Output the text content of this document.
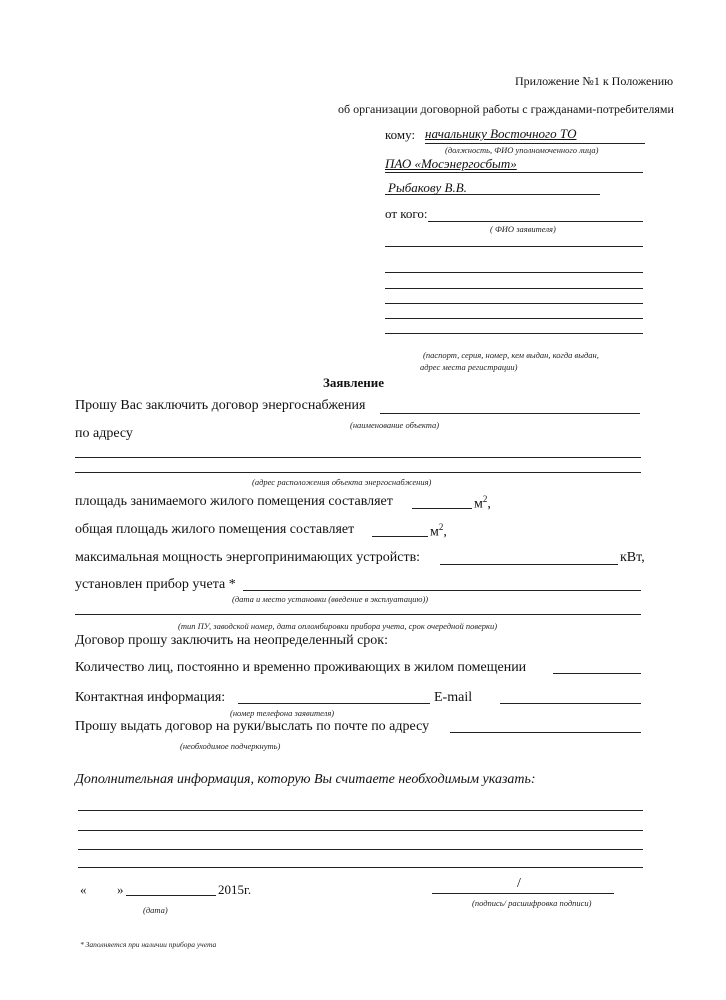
Приложение №1 к Положению
об организации договорной работы с гражданами-потребителями
кому: начальнику Восточного ТО
(должность, ФИО уполномоченного лица)
ПАО «Мосэнергосбыт»
Рыбакову В.В.
от кого:
( ФИО заявителя)
(паспорт, серия, номер, кем выдан, когда выдан,
адрес места регистрации)
Заявление
Прошу Вас заключить договор энергоснабжения
(наименование объекта)
по адресу
(адрес расположения объекта энергоснабжения)
площадь занимаемого жилого помещения составляет	$м^2$,
общая площадь жилого помещения составляет	$м^2$,
максимальная мощность энергопринимающих устройств:	кВт,
установлен прибор учета *
(дата и место установки (введение в эксплуатацию))
(тип ПУ, заводской номер, дата опломбировки прибора учета, срок очередной поверки)
Договор прошу заключить на неопределенный срок:
Количество лиц, постоянно и временно проживающих в жилом помещении
Контактная информация:	E-mail
(номер телефона заявителя)
Прошу выдать договор на руки/выслать по почте по адресу
(необходимое подчеркнуть)
Дополнительная информация, которую Вы считаете необходимым указать:
« »	2015г.
(дата)
/
(подпись/ расшифровка подписи)
* Заполняется при наличии прибора учета
